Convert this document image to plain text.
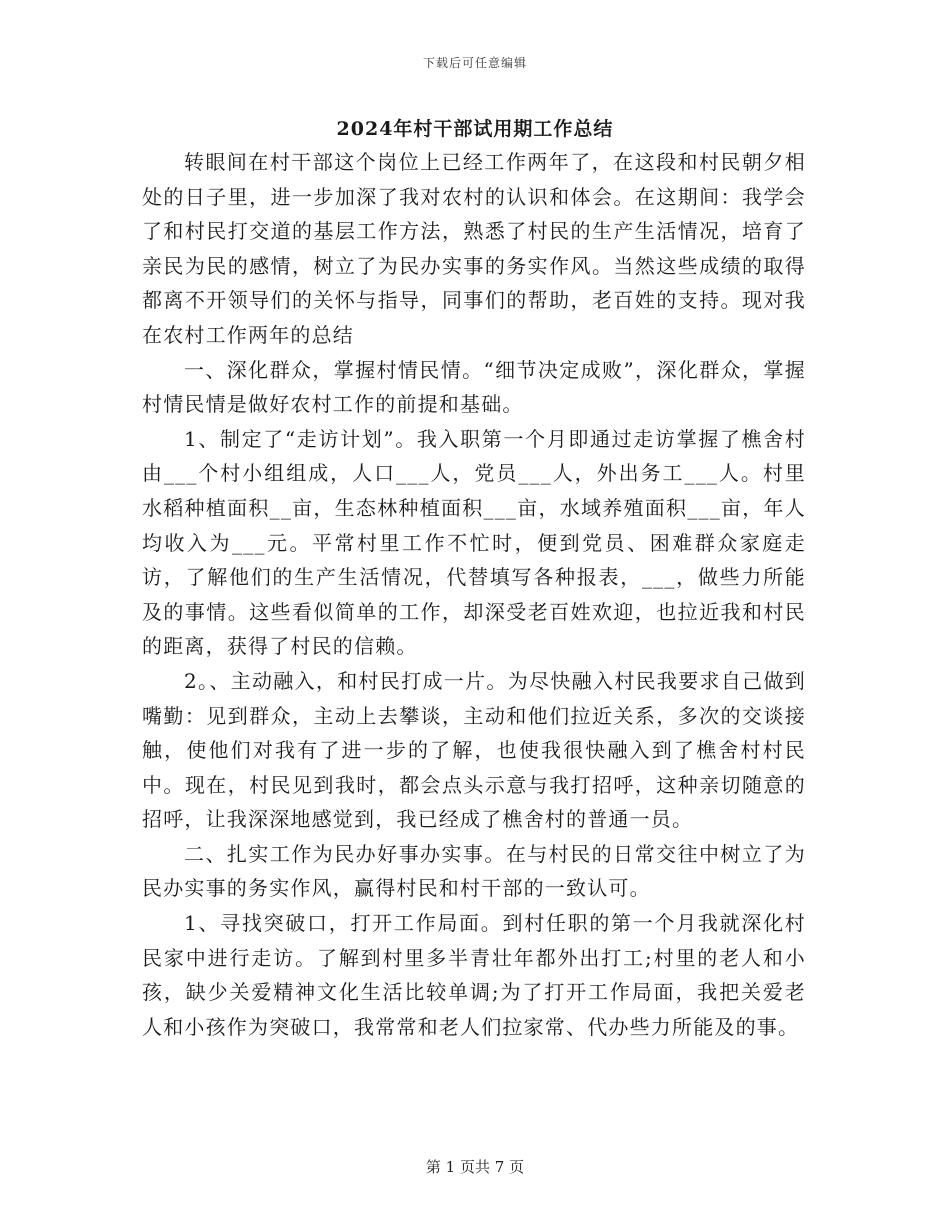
下载后可任意编辑
2024年村干部试用期工作总结

转眼间在村干部这个岗位上已经工作两年了，在这段和村民朝夕相处的日子里，进一步加深了我对农村的认识和体会。在这期间：我学会了和村民打交道的基层工作方法，熟悉了村民的生产生活情况，培育了亲民为民的感情，树立了为民办实事的务实作风。当然这些成绩的取得都离不开领导们的关怀与指导，同事们的帮助，老百姓的支持。现对我在农村工作两年的总结

一、深化群众，掌握村情民情。“细节决定成败”，深化群众，掌握村情民情是做好农村工作的前提和基础。

1、制定了“走访计划”。我入职第一个月即通过走访掌握了樵舍村由___个村小组组成，人口___人，党员___人，外出务工___人。村里水稻种植面积__亩，生态林种植面积___亩，水域养殖面积___亩，年人均收入为___元。平常村里工作不忙时，便到党员、困难群众家庭走访，了解他们的生产生活情况，代替填写各种报表，___，做些力所能及的事情。这些看似简单的工作，却深受老百姓欢迎，也拉近我和村民的距离，获得了村民的信赖。

2。、主动融入，和村民打成一片。为尽快融入村民我要求自己做到嘴勤：见到群众，主动上去攀谈，主动和他们拉近关系，多次的交谈接触，使他们对我有了进一步的了解，也使我很快融入到了樵舍村村民中。现在，村民见到我时，都会点头示意与我打招呼，这种亲切随意的招呼，让我深深地感觉到，我已经成了樵舍村的普通一员。

二、扎实工作为民办好事办实事。在与村民的日常交往中树立了为民办实事的务实作风，赢得村民和村干部的一致认可。

1、寻找突破口，打开工作局面。到村任职的第一个月我就深化村民家中进行走访。了解到村里多半青壮年都外出打工;村里的老人和小孩，缺少关爱精神文化生活比较单调;为了打开工作局面，我把关爱老人和小孩作为突破口，我常常和老人们拉家常、代办些力所能及的事。

第 1 页共 7 页
